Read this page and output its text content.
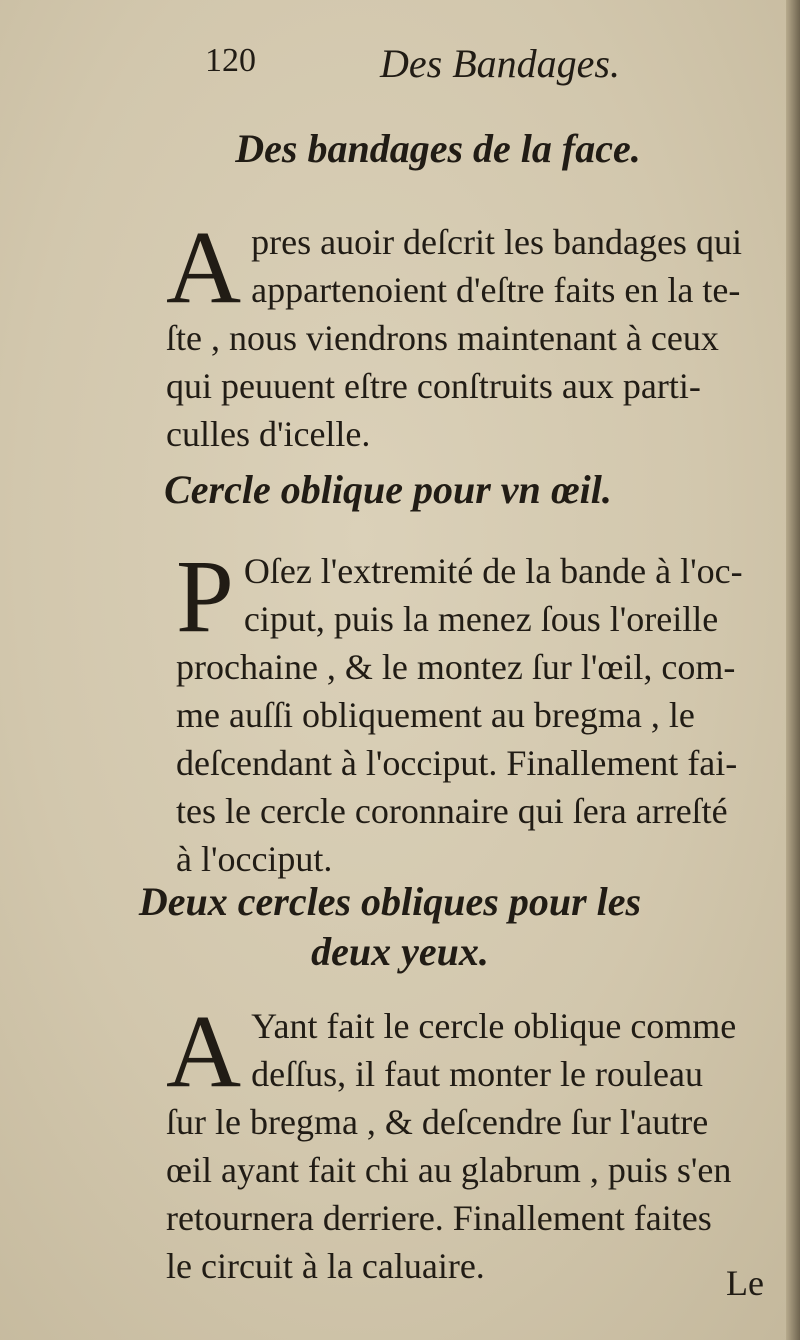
120	Des Bandages.
Des bandages de la face.
A pres auoir deſcrit les bandages qui
appartenoient d'eſtre faits en la te-
ſte , nous viendrons maintenant à ceux
qui peuuent eſtre conſtruits aux parti-
culles d'icelle.
Cercle oblique pour vn œil.
P Oſez l'extremité de la bande à l'oc-
ciput, puis la menez ſous l'oreille
prochaine , & le montez ſur l'œil, com-
me auſſi obliquement au bregma , le
deſcendant à l'occiput. Finallement fai-
tes le cercle coronnaire qui ſera arreſté
à l'occiput.
Deux cercles obliques pour les
deux yeux.
A Yant fait le cercle oblique comme
deſſus, il faut monter le rouleau
ſur le bregma , & deſcendre ſur l'autre
œil ayant fait chi au glabrum , puis s'en
retournera derriere. Finallement faites
le circuit à la caluaire.	Le
